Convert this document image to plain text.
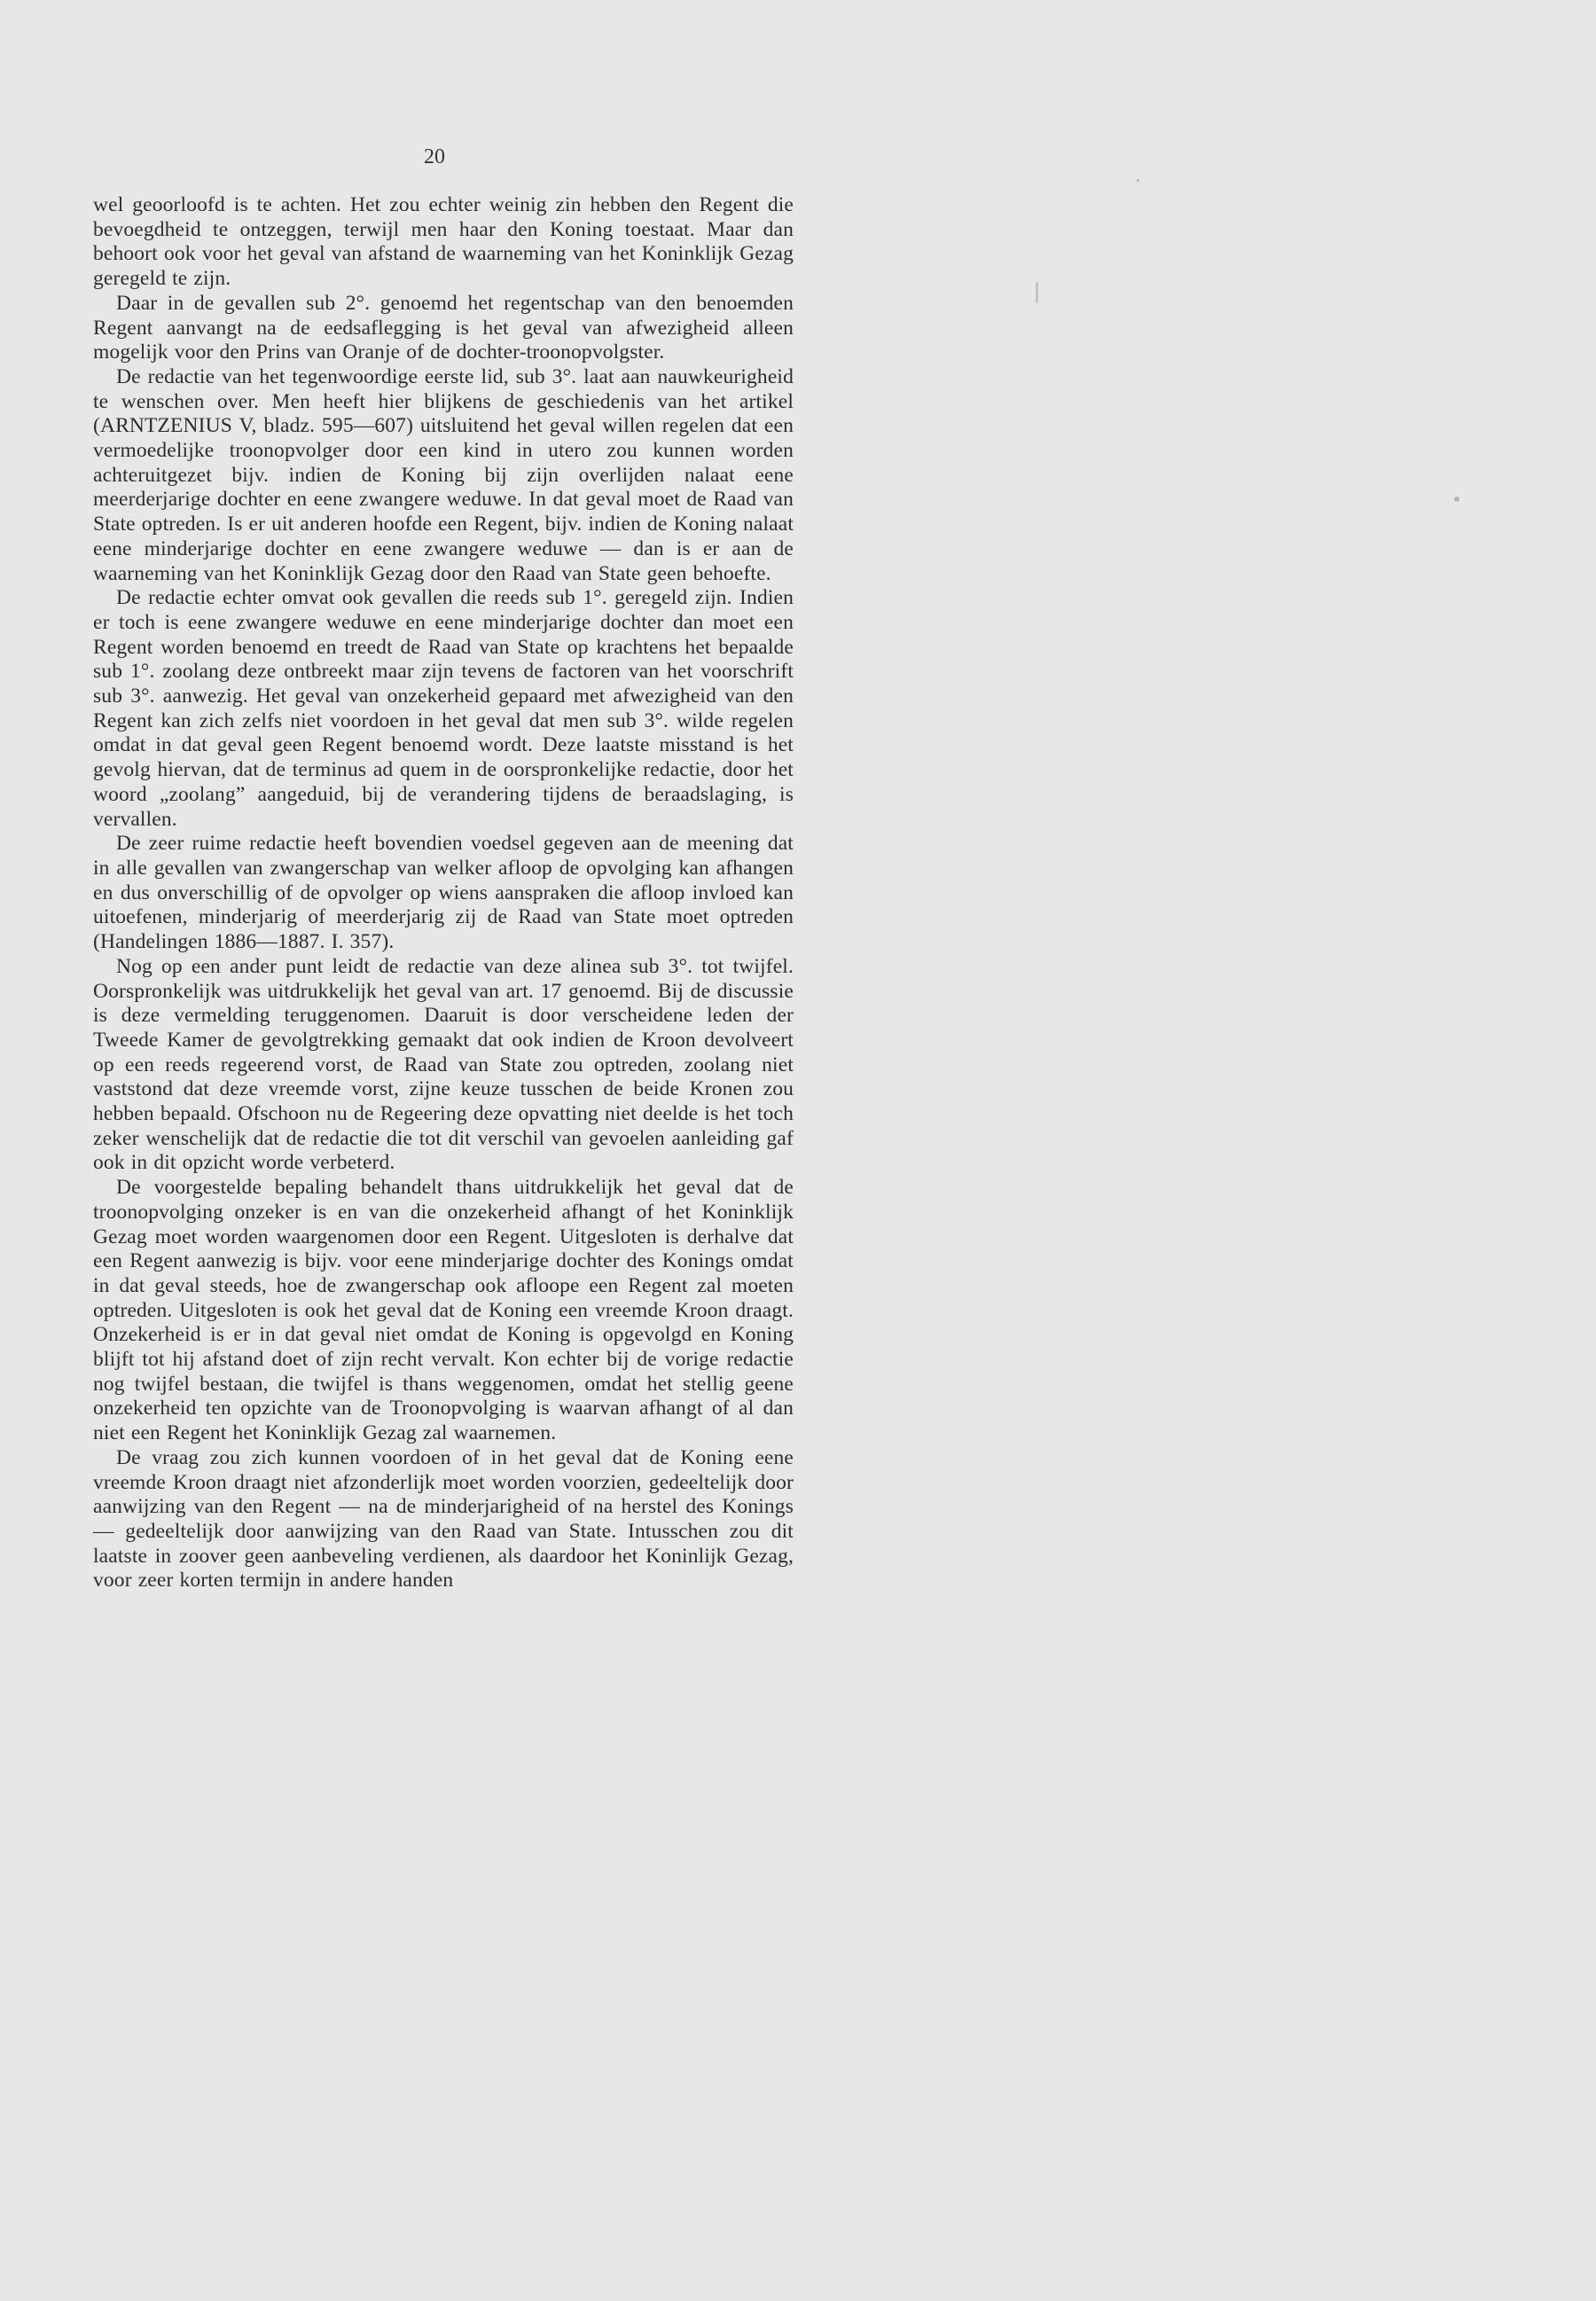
20

wel geoorloofd is te achten. Het zou echter weinig zin hebben den Regent die bevoegdheid te ontzeggen, terwijl men haar den Koning toestaat. Maar dan behoort ook voor het geval van afstand de waarneming van het Koninklijk Gezag geregeld te zijn.

Daar in de gevallen sub 2°. genoemd het regentschap van den benoemden Regent aanvangt na de eedsaflegging is het geval van afwezigheid alleen mogelijk voor den Prins van Oranje of de dochter-troonopvolgster.

De redactie van het tegenwoordige eerste lid, sub 3°. laat aan nauwkeurigheid te wenschen over. Men heeft hier blijkens de geschiedenis van het artikel (ARNTZENIUS V, bladz. 595—607) uitsluitend het geval willen regelen dat een vermoedelijke troonopvolger door een kind in utero zou kunnen worden achteruitgezet bijv. indien de Koning bij zijn overlijden nalaat eene meerderjarige dochter en eene zwangere weduwe. In dat geval moet de Raad van State optreden. Is er uit anderen hoofde een Regent, bijv. indien de Koning nalaat eene minderjarige dochter en eene zwangere weduwe — dan is er aan de waarneming van het Koninklijk Gezag door den Raad van State geen behoefte.

De redactie echter omvat ook gevallen die reeds sub 1°. geregeld zijn. Indien er toch is eene zwangere weduwe en eene minderjarige dochter dan moet een Regent worden benoemd en treedt de Raad van State op krachtens het bepaalde sub 1°. zoolang deze ontbreekt maar zijn tevens de factoren van het voorschrift sub 3°. aanwezig. Het geval van onzekerheid gepaard met afwezigheid van den Regent kan zich zelfs niet voordoen in het geval dat men sub 3°. wilde regelen omdat in dat geval geen Regent benoemd wordt. Deze laatste misstand is het gevolg hiervan, dat de terminus ad quem in de oorspronkelijke redactie, door het woord „zoolang” aangeduid, bij de verandering tijdens de beraadslaging, is vervallen.

De zeer ruime redactie heeft bovendien voedsel gegeven aan de meening dat in alle gevallen van zwangerschap van welker afloop de opvolging kan afhangen en dus onverschillig of de opvolger op wiens aanspraken die afloop invloed kan uitoefenen, minderjarig of meerderjarig zij de Raad van State moet optreden (Handelingen 1886—1887. I. 357).

Nog op een ander punt leidt de redactie van deze alinea sub 3°. tot twijfel. Oorspronkelijk was uitdrukkelijk het geval van art. 17 genoemd. Bij de discussie is deze vermelding teruggenomen. Daaruit is door verscheidene leden der Tweede Kamer de gevolgtrekking gemaakt dat ook indien de Kroon devolveert op een reeds regeerend vorst, de Raad van State zou optreden, zoolang niet vaststond dat deze vreemde vorst, zijne keuze tusschen de beide Kronen zou hebben bepaald. Ofschoon nu de Regeering deze opvatting niet deelde is het toch zeker wenschelijk dat de redactie die tot dit verschil van gevoelen aanleiding gaf ook in dit opzicht worde verbeterd.

De voorgestelde bepaling behandelt thans uitdrukkelijk het geval dat de troonopvolging onzeker is en van die onzekerheid afhangt of het Koninklijk Gezag moet worden waargenomen door een Regent. Uitgesloten is derhalve dat een Regent aanwezig is bijv. voor eene minderjarige dochter des Konings omdat in dat geval steeds, hoe de zwangerschap ook afloope een Regent zal moeten optreden. Uitgesloten is ook het geval dat de Koning een vreemde Kroon draagt. Onzekerheid is er in dat geval niet omdat de Koning is opgevolgd en Koning blijft tot hij afstand doet of zijn recht vervalt. Kon echter bij de vorige redactie nog twijfel bestaan, die twijfel is thans weggenomen, omdat het stellig geene onzekerheid ten opzichte van de Troonopvolging is waarvan afhangt of al dan niet een Regent het Koninklijk Gezag zal waarnemen.

De vraag zou zich kunnen voordoen of in het geval dat de Koning eene vreemde Kroon draagt niet afzonderlijk moet worden voorzien, gedeeltelijk door aanwijzing van den Regent — na de minderjarigheid of na herstel des Konings — gedeeltelijk door aanwijzing van den Raad van State. Intusschen zou dit laatste in zoover geen aanbeveling verdienen, als daardoor het Koninlijk Gezag, voor zeer korten termijn in andere handen
